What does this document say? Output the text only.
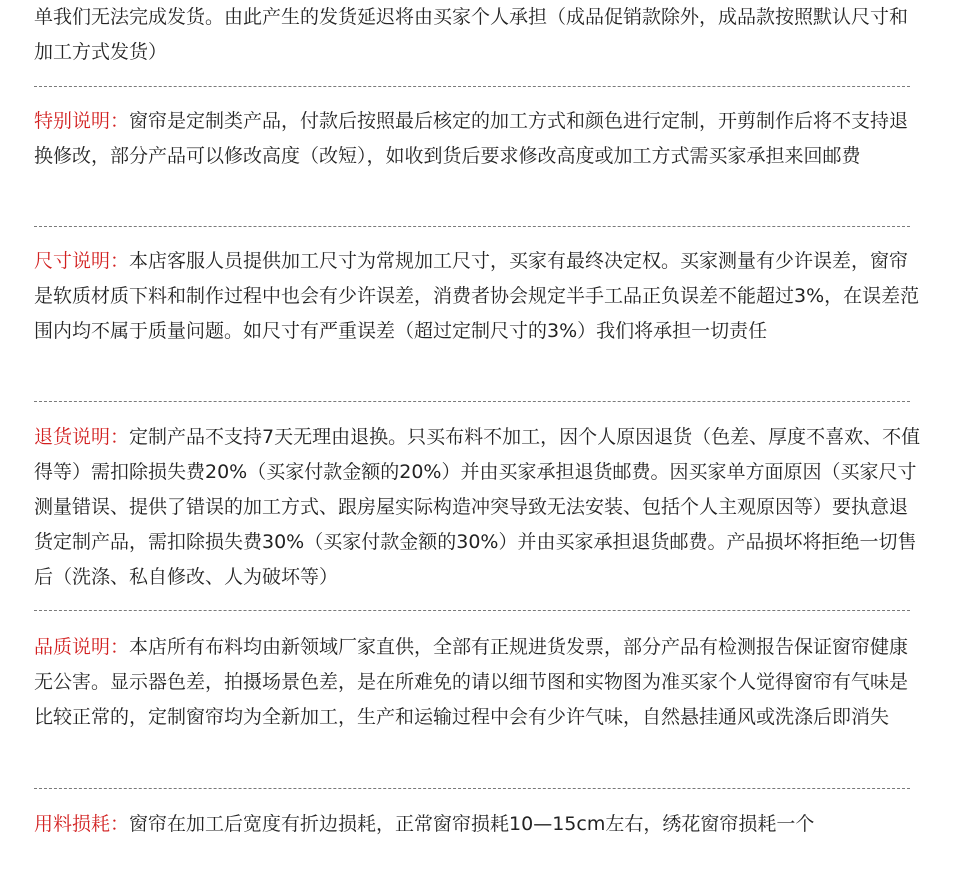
单我们无法完成发货。由此产生的发货延迟将由买家个人承担（成品促销款除外，成品款按照默认尺寸和加工方式发货）
特别说明：窗帘是定制类产品，付款后按照最后核定的加工方式和颜色进行定制，开剪制作后将不支持退换修改，部分产品可以修改高度（改短），如收到货后要求修改高度或加工方式需买家承担来回邮费
尺寸说明：本店客服人员提供加工尺寸为常规加工尺寸，买家有最终决定权。买家测量有少许误差，窗帘是软质材质下料和制作过程中也会有少许误差，消费者协会规定半手工品正负误差不能超过3%，在误差范围内均不属于质量问题。如尺寸有严重误差（超过定制尺寸的3%）我们将承担一切责任
退货说明：定制产品不支持7天无理由退换。只买布料不加工，因个人原因退货（色差、厚度不喜欢、不值得等）需扣除损失费20%（买家付款金额的20%）并由买家承担退货邮费。因买家单方面原因（买家尺寸测量错误、提供了错误的加工方式、跟房屋实际构造冲突导致无法安装、包括个人主观原因等）要执意退货定制产品，需扣除损失费30%（买家付款金额的30%）并由买家承担退货邮费。产品损坏将拒绝一切售后（洗涤、私自修改、人为破坏等）
品质说明：本店所有布料均由新领域厂家直供，全部有正规进货发票，部分产品有检测报告保证窗帘健康无公害。显示器色差，拍摄场景色差，是在所难免的请以细节图和实物图为准买家个人觉得窗帘有气味是比较正常的，定制窗帘均为全新加工，生产和运输过程中会有少许气味，自然悬挂通风或洗涤后即消失
用料损耗：窗帘在加工后宽度有折边损耗，正常窗帘损耗10—15cm左右，绣花窗帘损耗一个
